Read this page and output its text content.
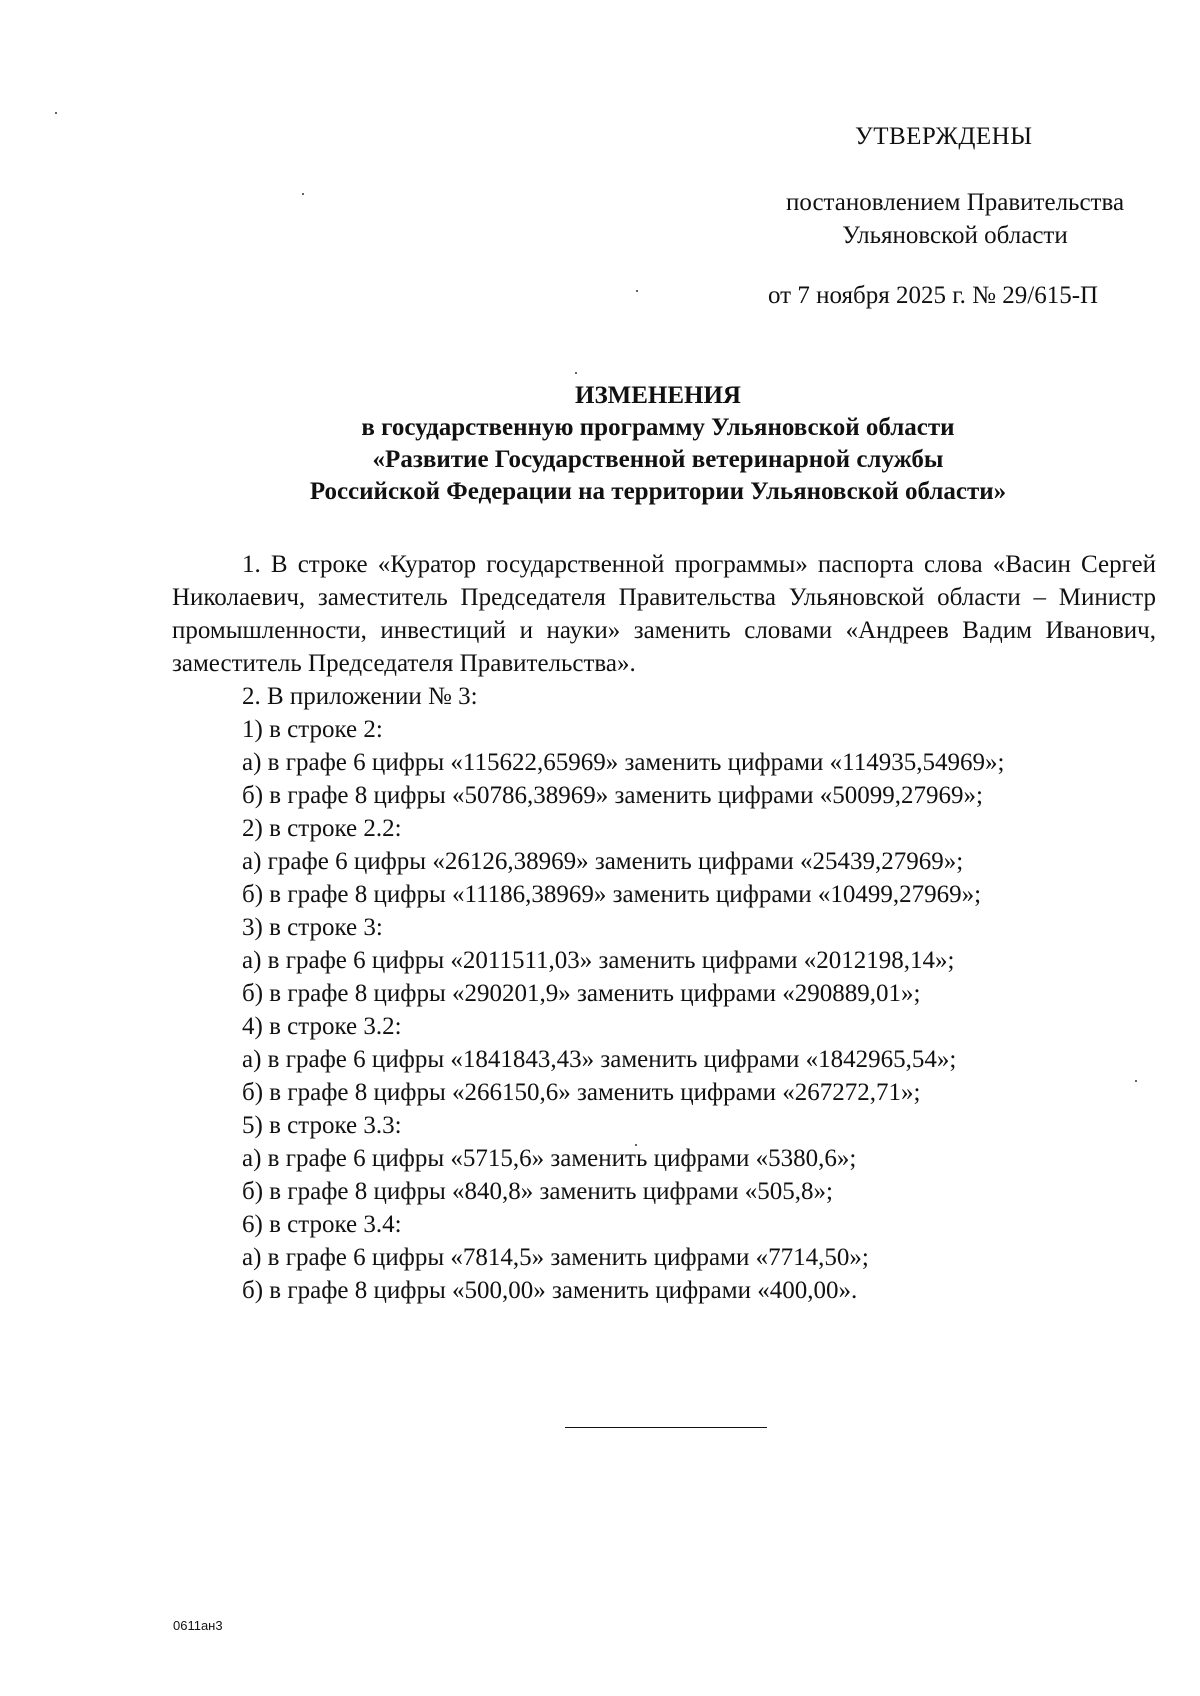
УТВЕРЖДЕНЫ
постановлением Правительства
Ульяновской области
от 7 ноября 2025 г. № 29/615-П
ИЗМЕНЕНИЯ
в государственную программу Ульяновской области
«Развитие Государственной ветеринарной службы
Российской Федерации на территории Ульяновской области»

1. В строке «Куратор государственной программы» паспорта слова «Васин Сергей Николаевич, заместитель Председателя Правительства Ульяновской области – Министр промышленности, инвестиций и науки» заменить словами «Андреев Вадим Иванович, заместитель Председателя Правительства».

2. В приложении № 3:

1) в строке 2:

а) в графе 6 цифры «115622,65969» заменить цифрами «114935,54969»;

б) в графе 8 цифры «50786,38969» заменить цифрами «50099,27969»;

2) в строке 2.2:

а) графе 6 цифры «26126,38969» заменить цифрами «25439,27969»;

б) в графе 8 цифры «11186,38969» заменить цифрами «10499,27969»;

3) в строке 3:

а) в графе 6 цифры «2011511,03» заменить цифрами «2012198,14»;

б) в графе 8 цифры «290201,9» заменить цифрами «290889,01»;

4) в строке 3.2:

а) в графе 6 цифры «1841843,43» заменить цифрами «1842965,54»;

б) в графе 8 цифры «266150,6» заменить цифрами «267272,71»;

5) в строке 3.3:

а) в графе 6 цифры «5715,6» заменить цифрами «5380,6»;

б) в графе 8 цифры «840,8» заменить цифрами «505,8»;

6) в строке 3.4:

а) в графе 6 цифры «7814,5» заменить цифрами «7714,50»;

б) в графе 8 цифры «500,00» заменить цифрами «400,00».

0611ан3
